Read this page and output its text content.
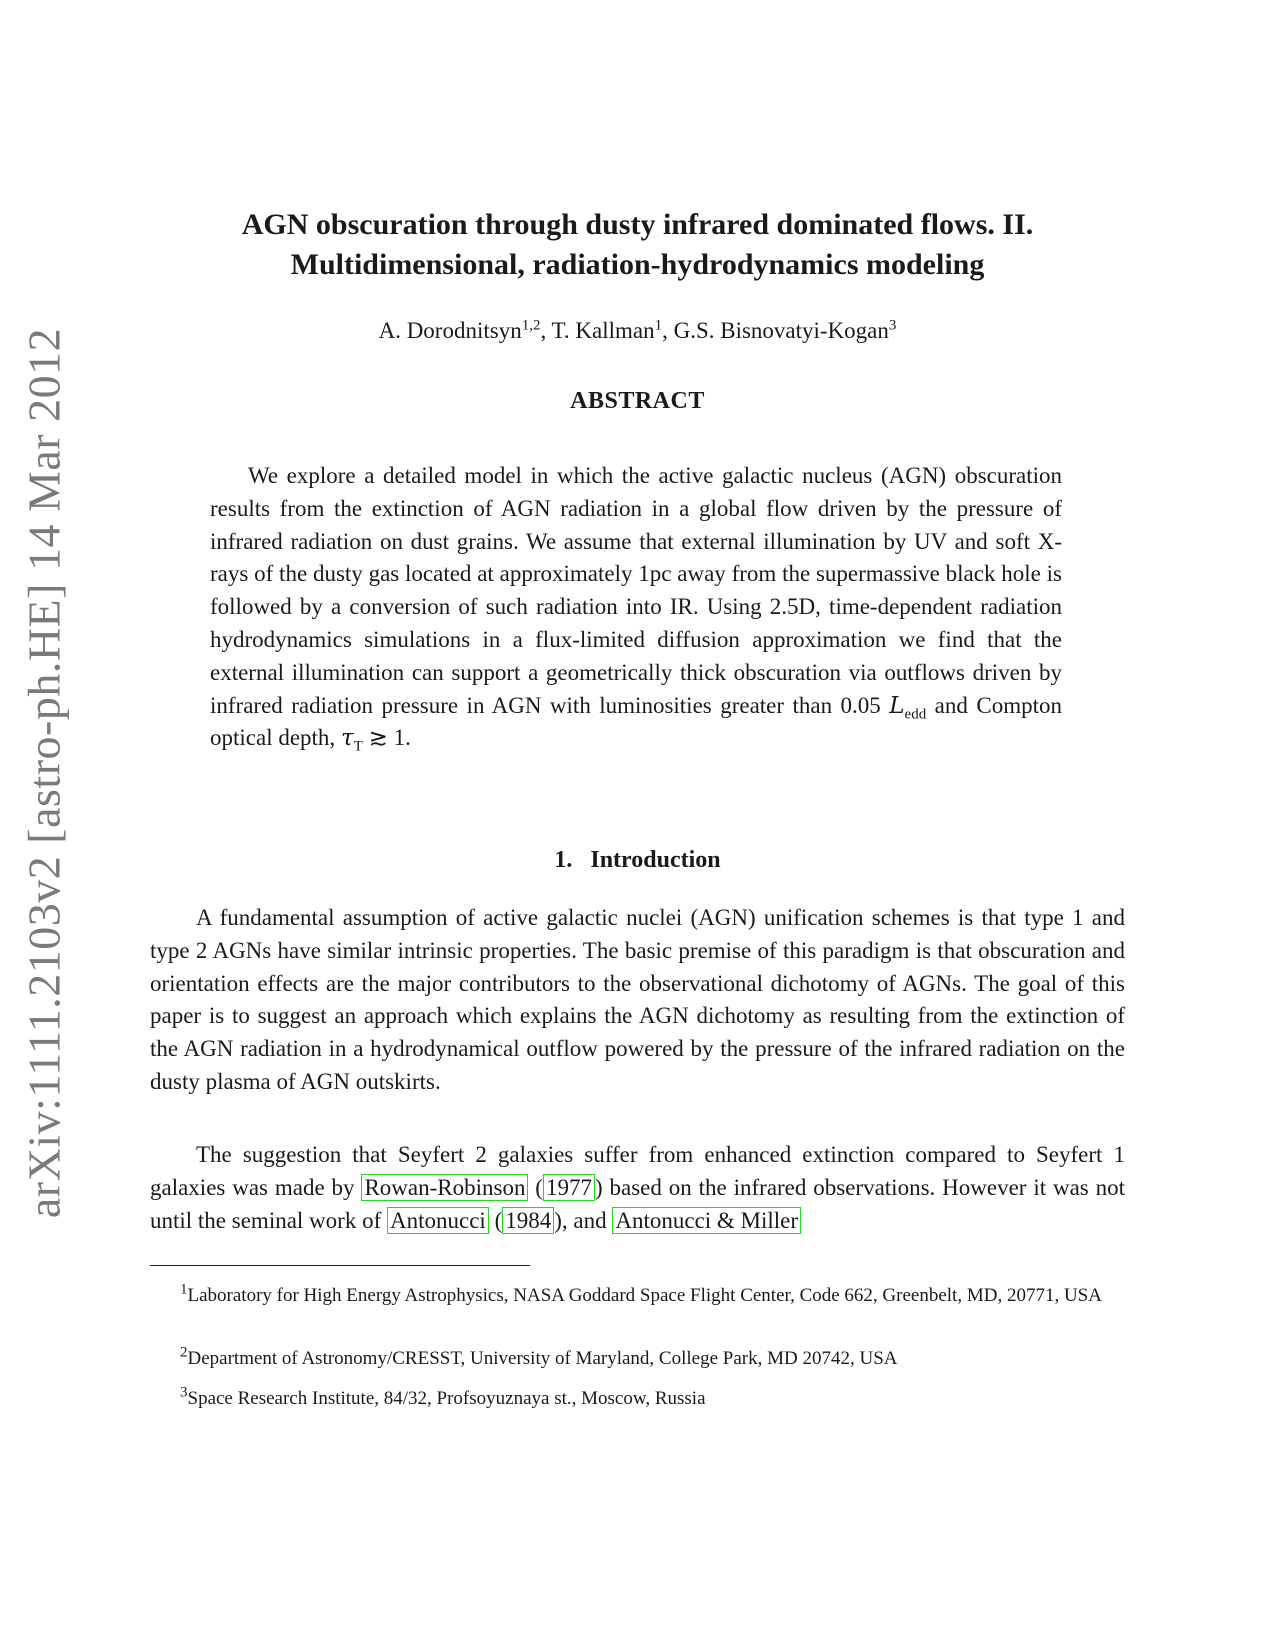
arXiv:1111.2103v2 [astro-ph.HE] 14 Mar 2012
AGN obscuration through dusty infrared dominated flows. II.
Multidimensional, radiation-hydrodynamics modeling
A. Dorodnitsyn$^{1,2}$, T. Kallman$^1$, G.S. Bisnovatyi-Kogan$^3$
ABSTRACT

We explore a detailed model in which the active galactic nucleus (AGN) obscuration results from the extinction of AGN radiation in a global flow driven by the pressure of infrared radiation on dust grains. We assume that external illumination by UV and soft X-rays of the dusty gas located at approximately 1pc away from the supermassive black hole is followed by a conversion of such radiation into IR. Using 2.5D, time-dependent radiation hydrodynamics simulations in a flux-limited diffusion approximation we find that the external illumination can support a geometrically thick obscuration via outflows driven by infrared radiation pressure in AGN with luminosities greater than 0.05 $L_{edd}$ and Compton optical depth, $\tau_T$ ≳ 1.

1. Introduction

A fundamental assumption of active galactic nuclei (AGN) unification schemes is that type 1 and type 2 AGNs have similar intrinsic properties. The basic premise of this paradigm is that obscuration and orientation effects are the major contributors to the observational dichotomy of AGNs. The goal of this paper is to suggest an approach which explains the AGN dichotomy as resulting from the extinction of the AGN radiation in a hydrodynamical outflow powered by the pressure of the infrared radiation on the dusty plasma of AGN outskirts.

The suggestion that Seyfert 2 galaxies suffer from enhanced extinction compared to Seyfert 1 galaxies was made by Rowan-Robinson ( 1977 ) based on the infrared observations. However it was not until the seminal work of Antonucci ( 1984 ), and Antonucci & Miller

$^1$Laboratory for High Energy Astrophysics, NASA Goddard Space Flight Center, Code 662, Greenbelt, MD, 20771, USA

$^2$Department of Astronomy/CRESST, University of Maryland, College Park, MD 20742, USA

$^3$Space Research Institute, 84/32, Profsoyuznaya st., Moscow, Russia
